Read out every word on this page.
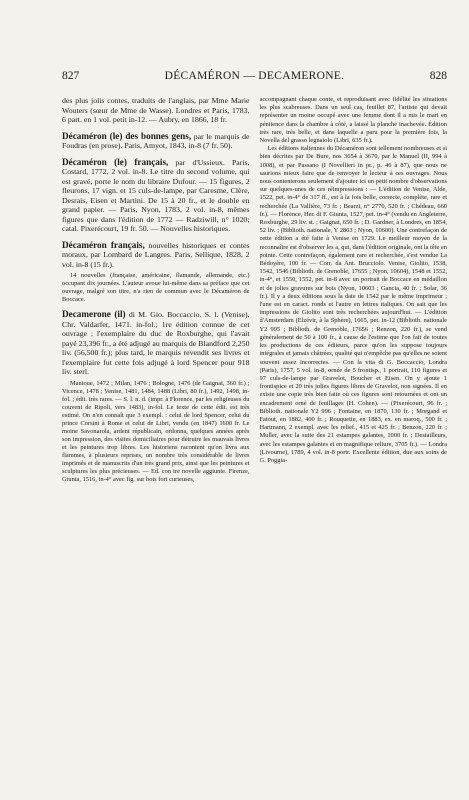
827	DÉCAMÉRON — DECAMERONE.	828

des plus jolis contes, traduits de l'anglais, par Mme Marie Wouters (sœur de Mme de Wasse). Londres et Paris, 1783, 6 part. en 1 vol. petit in-12. — Aubry, en 1866, 18 fr.

Décaméron (le) des bonnes gens, par le marquis de Foudras (en prose). Paris, Amyot, 1843, in-8 (7 fr. 50).

Décaméron (le) français, par d'Ussieux. Paris, Costard, 1772, 2 vol. in-8. Le titre du second volume, qui est gravé, porte le nom du libraire Dufour. — 15 figures, 2 fleurons, 17 vign. et 15 culs-de-lampe, par Caresme, Clère, Desrais, Eisen et Martini. De 15 à 20 fr., et le double en grand papier. — Paris, Nyon, 1783, 2 vol. in-8, mêmes figures que dans l'édition de 1772 — Radziwill, n° 1020; catal. Pixerécourt, 19 fr. 50. — Nouvelles historiques.

Décaméron français, nouvelles historiques et contes moraux, par Lombard de Langres. Paris, Sellique, 1828, 2 vol. in-8 (15 fr.).

14 nouvelles (française, américaine, flamande, allemande, etc.) occupant dix journées. L'auteur avoue lui-même dans sa préface que cet ouvrage, malgré son titre, n'a rien de commun avec le Décaméron de Boccace.

Decamerone (il) di M. Gio. Boccaccio. S. l. (Venise), Chr. Valdarfer, 1471. in-fol.; 1re édition connue de cet ouvrage ; l'exemplaire du duc de Roxburghe, qui l'avait payé 23,396 fr., a été adjugé au marquis de Blandford 2,250 liv. (56,500 fr.); plus tard, le marquis revendit ses livres et l'exemplaire fut cette fois adjugé à lord Spencer pour 918 liv. sterl.

Mantoue, 1472 ; Milan, 1476 ; Bologne, 1476 (de Gaignat, 360 fr.) ; Vicence, 1478 ; Venise, 1481, 1484, 1488 (Libri, 80 fr.), 1492, 1498, in-fol. ; édit. très rares. — S. l. n. d. (impr. à Florence, par les religieuses du couvent de Ripoli, vers 1483), in-fol. Le texte de cette édit. est très estimé. On n'en connaît que 3 exempl. : celui de lord Spencer, celui du prince Corsini à Rome et celui de Libri, vendu (en 1847) 1600 fr. Le moine Savonarola, ardent républicain, ordonna, quelques années après son impression, des visites domiciliaires pour détruire les mauvais livres et les peintures trop libres. Les historiens racontent qu'on livra aux flammes, à plusieurs reprises, un nombre très considérable de livres imprimés et de manuscrits d'un très grand prix, ainsi que les peintures et sculptures les plus précieuses. — Ed. con tre novelle aggiunte. Firenze, Giunta, 1516, in-4° avec fig. sur bois fort curieuses,

accompagnant chaque conte, et reproduisant avec fidélité les situations les plus scabreuses. Dans un seul cas, feuillet 87, l'artiste qui devait représenter un moine occupé avec une femme dont il a mis le mari en pénitence dans la chambre à côté, a laissé la planche inachevée. Édition très rare, très belle, et dans laquelle a paru pour la première fois, la Novella del grasso legnaiolo (Libri, 635 fr.).

Les éditions italiennes du Décaméron sont tellement nombreuses et si bien décrites par De Bure, nos 3654 à 3670, par le Manuel (II, 994 à 1008), et par Passano (I Novellieri in pr., p. 46 à 87), que nous ne saurions mieux faire que de renvoyer le lecteur à ces ouvrages. Nous nous contenterons seulement d'ajouter ici un petit nombre d'observations sur quelques-unes de ces réimpressions : — L'édition de Venise, Alde, 1522, pet. in-4° de 317 ff., est à la fois belle, correcte, complète, rare et recherchée (La Vallière, 73 fr. ; Bearzi, n° 2770, 520 fr. ; Chédeau, 660 fr.). — Florence, Her. di F. Giunta, 1527, pet. in-4° (vendu en Angleterre, Roxburghe, 29 liv. st. ; Gaignat, 650 fr. ; D. Gardner, à Londres, en 1854, 52 liv. ; (Biblioth. nationale, Y 2863 ; Nyon, 10600). Une contrefaçon de cette édition a été faite à Venise en 1729. Le meilleur moyen de la reconnaître est d'observer les a, qui, dans l'édition originale, ont la tête en pointe. Cette contrefaçon, également rare et recherchée, s'est vendue La Bédoyère, 100 fr. — Corr. da Ant. Brucciolo. Venise, Giolito, 1538, 1542, 1546 (Biblioth. de Grenoble, 17655 ; Nyon, 10604), 1548 et 1552, in-4°, et 1550, 1552, pet. in-8 avec un portrait de Boccace en médaillon et de jolies gravures sur bois (Nyon, 10603 ; Gancia, 40 fr. ; Solar, 36 fr.). Il y a deux éditions sous la date de 1542 par le même imprimeur ; l'une est en caract. ronds et l'autre en lettres italiques. On sait que les impressions de Giolito sont très recherchées aujourd'hui. — L'édition d'Amsterdam (Elzévir, à la Sphère), 1665, pet. in-12 (Biblioth. nationale Y2 995 ; Biblioth. de Grenoble, 17656 ; Renzon, 220 fr.), se vend généralement de 50 à 100 fr., à cause de l'estime que l'on fait de toutes les productions de ces éditeurs, parce qu'on les suppose toujours intégrales et jamais châtrées, qualité qui n'empêche pas qu'elles ne soient souvent assez incorrectes. — Con la vita di G. Boccaccio, Londra (Paris), 1757, 5 vol. in-8, ornée de 5 frontisp., 1 portrait, 110 figures et 97 culs-de-lampe par Gravelot, Boucher et Eisen. On y ajoute 1 frontispice et 20 très jolies figures libres de Gravelot, non signées. Il en existe une copie très bien faite où ces figures sont retournées et ont un encadrement orné de feuillages (H. Cohen). — (Pixerécourt, 96 fr. ; Biblioth. nationale Y2 996 ; Fontaine, en 1870, 130 fr. ; Morgand et Fatout, en 1882, 400 fr. ; Rouquette, en 1883, ex. en maroq., 500 fr. ; Hartmann, 2 exempl. avec les relief., 415 et 425 fr. ; Benzon, 220 fr. ; Muller, avec la suite des 21 estampes galantes, 1000 fr. ; Destailleurs, avec les estampes galantes et en magnifique reliure, 3705 fr.). — Londra (Livourne), 1789, 4 vol. in-8 portr. Excellente édition, due aux soins de G. Poggia-
